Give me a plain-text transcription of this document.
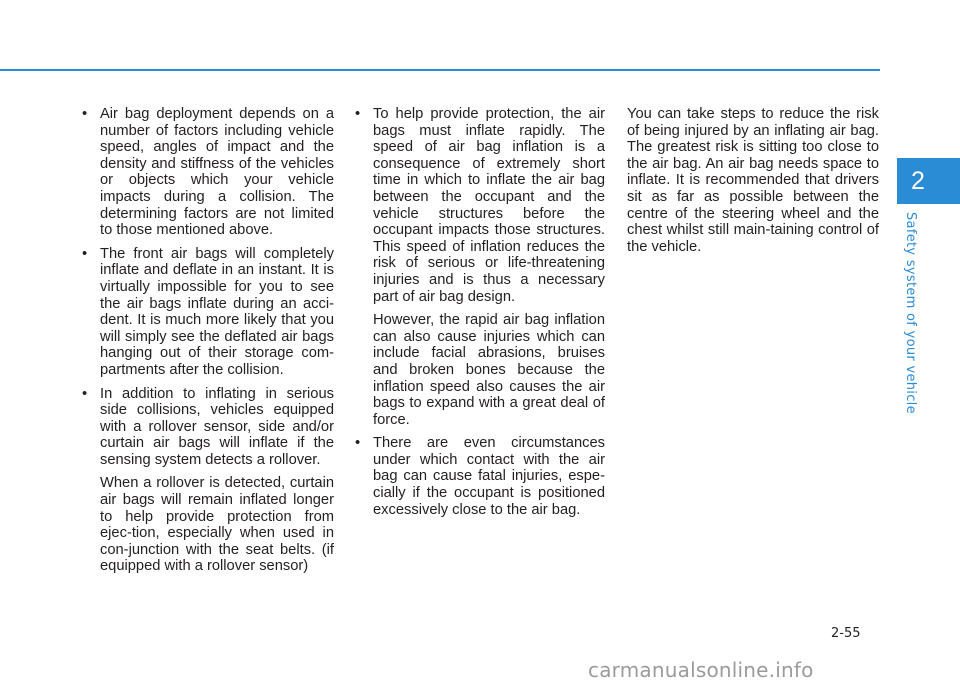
• Air bag deployment depends on a number of factors including vehicle speed, angles of impact and the density and stiffness of the vehicles or objects which your vehicle impacts during a collision. The determining factors are not limited to those mentioned above.

• The front air bags will completely inflate and deflate in an instant. It is virtually impossible for you to see the air bags inflate during an acci-dent. It is much more likely that you will simply see the deflated air bags hanging out of their storage com-partments after the collision.

• In addition to inflating in serious side collisions, vehicles equipped with a rollover sensor, side and/or curtain air bags will inflate if the sensing system detects a rollover.

When a rollover is detected, curtain air bags will remain inflated longer to help provide protection from ejec-tion, especially when used in con-junction with the seat belts. (if equipped with a rollover sensor)

• To help provide protection, the air bags must inflate rapidly. The speed of air bag inflation is a consequence of extremely short time in which to inflate the air bag between the occupant and the vehicle structures before the occupant impacts those structures. This speed of inflation reduces the risk of serious or life-threatening injuries and is thus a necessary part of air bag design.

However, the rapid air bag inflation can also cause injuries which can include facial abrasions, bruises and broken bones because the inflation speed also causes the air bags to expand with a great deal of force.

• There are even circumstances under which contact with the air bag can cause fatal injuries, espe-cially if the occupant is positioned excessively close to the air bag.

You can take steps to reduce the risk of being injured by an inflating air bag. The greatest risk is sitting too close to the air bag. An air bag needs space to inflate. It is recommended that drivers sit as far as possible between the centre of the steering wheel and the chest whilst still main-taining control of the vehicle.

2
Safety system of your vehicle
2-55
carmanualsonline.info
